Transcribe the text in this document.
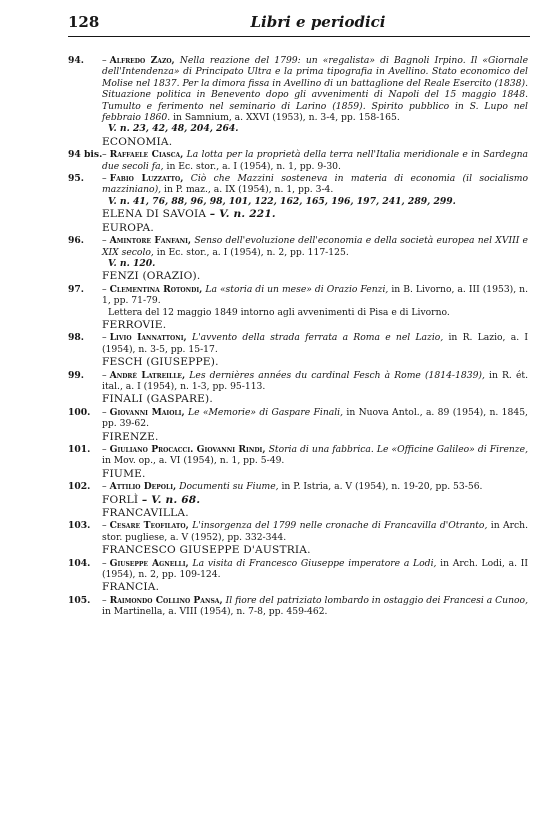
128	Libri e periodici
94. – Alfredo Zazo, Nella reazione del 1799: un «regalista» di Bagnoli Irpino. Il «Giornale dell'Intendenza» di Principato Ultra e la prima tipografia in Avellino. Stato economico del Molise nel 1837. Per la dimora fissa in Avellino di un battaglione del Reale Esercito (1838). Situazione politica in Benevento dopo gli avvenimenti di Napoli del 15 maggio 1848. Tumulto e ferimento nel seminario di Larino (1859). Spirito pubblico in S. Lupo nel febbraio 1860. in Samnium, a. XXVI (1953), n. 3-4, pp. 158-165.
V. n. 23, 42, 48, 204, 264.
ECONOMIA.
94 bis. – Raffaele Ciasca, La lotta per la proprietà della terra nell'Italia meridionale e in Sardegna due secoli fa, in Ec. stor., a. I (1954), n. 1, pp. 9-30.
95. – Fabio Luzzatto, Ciò che Mazzini sosteneva in materia di economia (il socialismo mazziniano), in P. mаz., a. IX (1954), n. 1, pp. 3-4.
V. n. 41, 76, 88, 96, 98, 101, 122, 162, 165, 196, 197, 241, 289, 299.
ELENA DI SAVOIA – V. n. 221.
EUROPA.
96. – Amintore Fanfani, Senso dell'evoluzione dell'economia e della società europea nel XVIII e XIX secolo, in Ec. stor., a. I (1954), n. 2, pp. 117-125.
V. n. 120.
FENZI (ORAZIO).
97. – Clementina Rotondi, La «storia di un mese» di Orazio Fenzi, in B. Livorno, a. III (1953), n. 1, pp. 71-79.
Lettera del 12 maggio 1849 intorno agli avvenimenti di Pisa e di Livorno.
FERROVIE.
98. – Livio Iannattoni, L'avvento della strada ferrata a Roma e nel Lazio, in R. Lazio, a. I (1954), n. 3-5, pp. 15-17.
FESCH (GIUSEPPE).
99. – André Latreille, Les dernières années du cardinal Fesch à Rome (1814-1839), in R. ét. ital., a. I (1954), n. 1-3, pp. 95-113.
FINALI (GASPARE).
100. – Giovanni Maioli, Le «Memorie» di Gaspare Finali, in Nuova Antol., a. 89 (1954), n. 1845, pp. 39-62.
FIRENZE.
101. – Giuliano Procacci. Giovanni Rindi, Storia di una fabbrica. Le «Officine Galileo» di Firenze, in Mov. op., a. VI (1954), n. 1, pp. 5-49.
FIUME.
102. – Attilio Depoli, Documenti su Fiume, in P. Istria, a. V (1954), n. 19-20, pp. 53-56.
FORLÌ – V. n. 68.
FRANCAVILLA.
103. – Cesare Teofilato, L'insorgenza del 1799 nelle cronache di Francavilla d'Otranto, in Arch. stor. pugliese, a. V (1952), pp. 332-344.
FRANCESCO GIUSEPPE D'AUSTRIA.
104. – Giuseppe Agnelli, La visita di Francesco Giuseppe imperatore a Lodi, in Arch. Lodi, a. II (1954), n. 2, pp. 109-124.
FRANCIA.
105. – Raimondo Collino Pansa, Il fiore del patriziato lombardo in ostaggio dei Francesi a Cunoo, in Martinella, a. VIII (1954), n. 7-8, pp. 459-462.
